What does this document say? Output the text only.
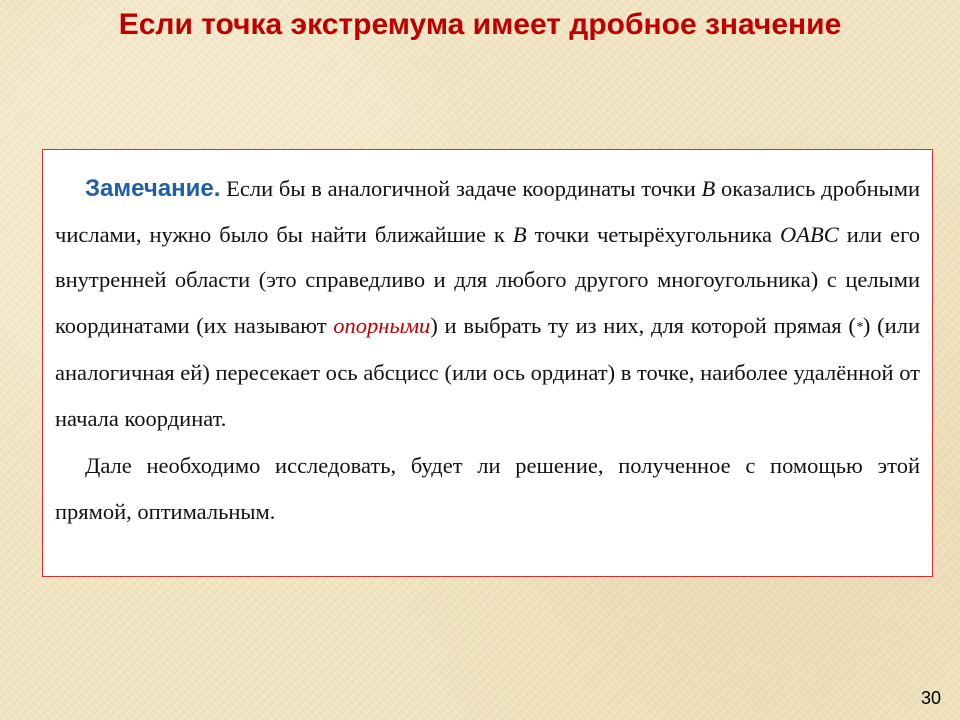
Если точка экстремума имеет дробное значение

Замечание. Если бы в аналогичной задаче координаты точки B оказались дробными числами, нужно было бы найти ближайшие к B точки четырёхугольника OABC или его внутренней области (это справедливо и для любого другого многоугольника) с целыми координатами (их называют опорными) и выбрать ту из них, для которой прямая (*) (или аналогичная ей) пересекает ось абсцисс (или ось ординат) в точке, наиболее удалённой от начала координат.

Дале необходимо исследовать, будет ли решение, полученное с помощью этой прямой, оптимальным.

30
